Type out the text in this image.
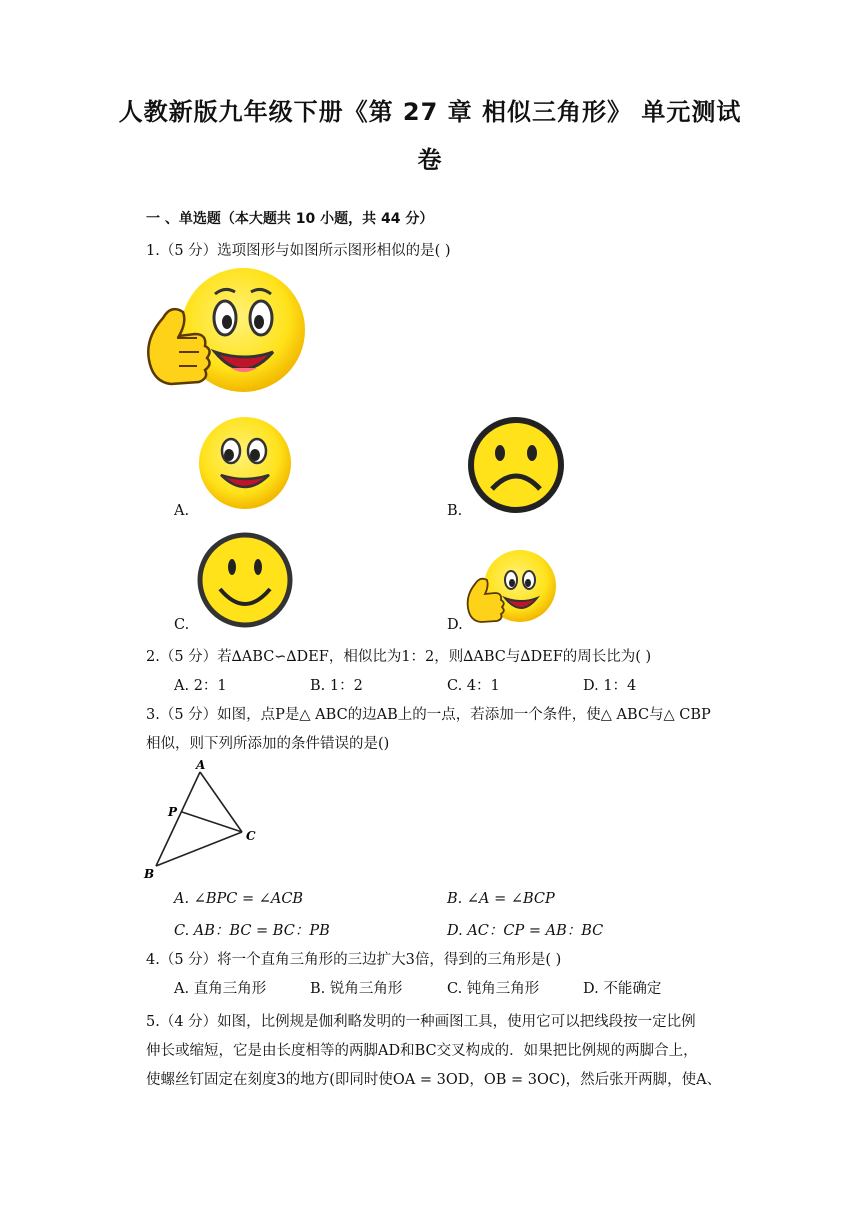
人教新版九年级下册《第 27 章 相似三角形》 单元测试
卷
一 、单选题（本大题共 10 小题，共 44 分）
1.（5 分）选项图形与如图所示图形相似的是( )
A.	B.
C.	D.
2.（5 分）若∆ABC∽∆DEF，相似比为1：2，则∆ABC与∆DEF的周长比为( )
A. 2：1	B. 1：2	C. 4：1	D. 1：4
3.（5 分）如图，点P是△ ABC的边AB上的一点，若添加一个条件，使△ ABC与△ CBP
相似，则下列所添加的条件错误的是()
A
P
C
B
A. ∠BPC = ∠ACB	B. ∠A = ∠BCP
C. AB：BC = BC：PB	D. AC：CP = AB：BC
4.（5 分）将一个直角三角形的三边扩大3倍，得到的三角形是( )
A. 直角三角形	B. 锐角三角形	C. 钝角三角形	D. 不能确定
5.（4 分）如图，比例规是伽利略发明的一种画图工具，使用它可以把线段按一定比例
伸长或缩短，它是由长度相等的两脚AD和BC交叉构成的．如果把比例规的两脚合上，
使螺丝钉固定在刻度3的地方(即同时使OA = 3OD，OB = 3OC)，然后张开两脚，使A、
